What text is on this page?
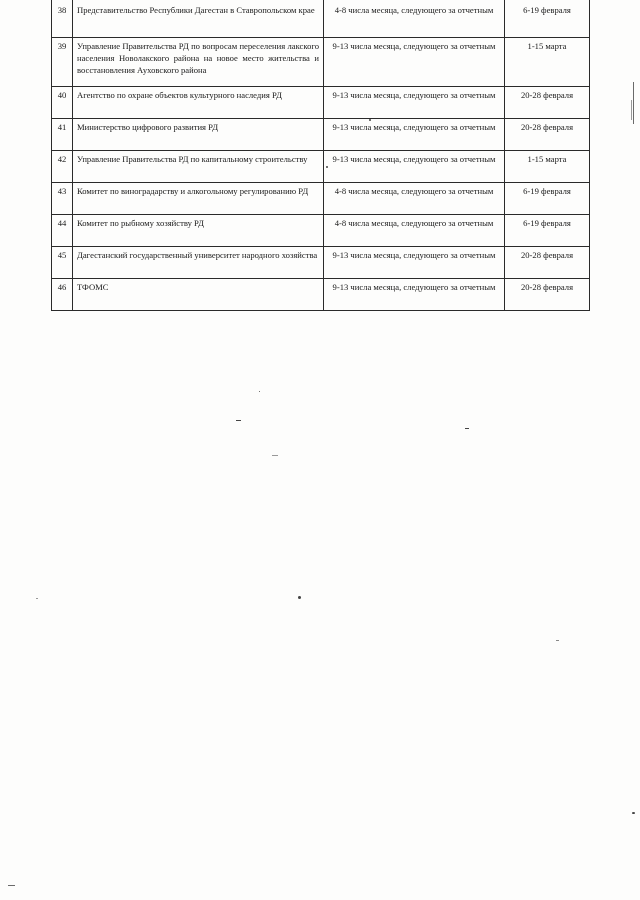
38	Представительство Республики Дагестан в Ставропольском крае	4-8 числа месяца, следующего за отчетным	6-19 февраля
39	Управление Правительства РД по вопросам переселения лакского населения Новолакского района на новое место жительства и восстановления Ауховского района	9-13 числа месяца, следующего за отчетным	1-15 марта
40	Агентство по охране объектов культурного наследия РД	9-13 числа месяца, следующего за отчетным	20-28 февраля
41	Министерство цифрового развития РД	9-13 числа месяца, следующего за отчетным	20-28 февраля
42	Управление Правительства РД по капитальному строительству	9-13 числа месяца, следующего за отчетным	1-15 марта
43	Комитет по виноградарству и алкогольному регулированию РД	4-8 числа месяца, следующего за отчетным	6-19 февраля
44	Комитет по рыбному хозяйству РД	4-8 числа месяца, следующего за отчетным	6-19 февраля
45	Дагестанский государственный университет народного хозяйства	9-13 числа месяца, следующего за отчетным	20-28 февраля
46	ТФОМС	9-13 числа месяца, следующего за отчетным	20-28 февраля
